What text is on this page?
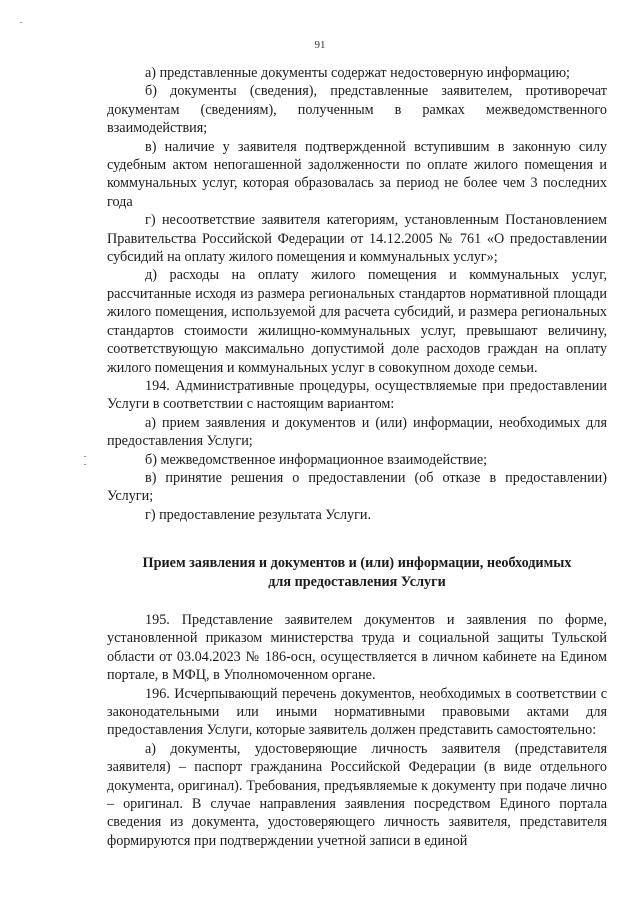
91

а) представленные документы содержат недостоверную информацию;

б) документы (сведения), представленные заявителем, противоречат документам (сведениям), полученным в рамках межведомственного взаимодействия;

в) наличие у заявителя подтвержденной вступившим в законную силу судебным актом непогашенной задолженности по оплате жилого помещения и коммунальных услуг, которая образовалась за период не более чем 3 последних года

г) несоответствие заявителя категориям, установленным Постановлением Правительства Российской Федерации от 14.12.2005 № 761 «О предоставлении субсидий на оплату жилого помещения и коммунальных услуг»;

д) расходы на оплату жилого помещения и коммунальных услуг, рассчитанные исходя из размера региональных стандартов нормативной площади жилого помещения, используемой для расчета субсидий, и размера региональных стандартов стоимости жилищно-коммунальных услуг, превышают величину, соответствующую максимально допустимой доле расходов граждан на оплату жилого помещения и коммунальных услуг в совокупном доходе семьи.

194. Административные процедуры, осуществляемые при предоставлении Услуги в соответствии с настоящим вариантом:

а) прием заявления и документов и (или) информации, необходимых для предоставления Услуги;

б) межведомственное информационное взаимодействие;

в) принятие решения о предоставлении (об отказе в предоставлении) Услуги;

г) предоставление результата Услуги.

Прием заявления и документов и (или) информации, необходимых
для предоставления Услуги

195. Представление заявителем документов и заявления по форме, установленной приказом министерства труда и социальной защиты Тульской области от 03.04.2023 № 186-осн, осуществляется в личном кабинете на Едином портале, в МФЦ, в Уполномоченном органе.

196. Исчерпывающий перечень документов, необходимых в соответствии с законодательными или иными нормативными правовыми актами для предоставления Услуги, которые заявитель должен представить самостоятельно:

а) документы, удостоверяющие личность заявителя (представителя заявителя) – паспорт гражданина Российской Федерации (в виде отдельного документа, оригинал). Требования, предъявляемые к документу при подаче лично – оригинал. В случае направления заявления посредством Единого портала сведения из документа, удостоверяющего личность заявителя, представителя формируются при подтверждении учетной записи в единой
